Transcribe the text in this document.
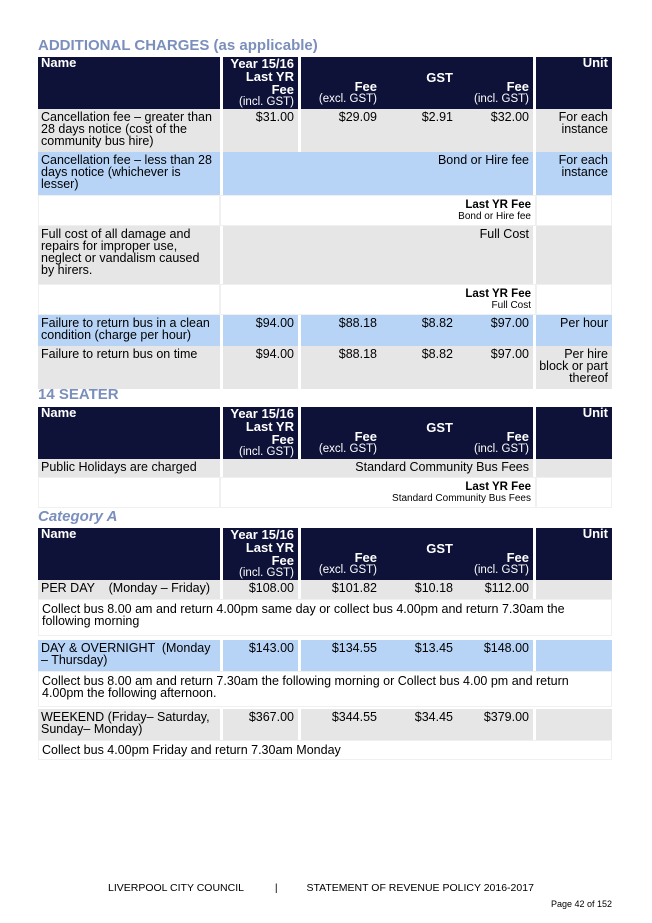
ADDITIONAL CHARGES (as applicable)
Name	Year 15/16
Last YR Fee
(incl. GST)	Fee
(excl. GST)	GST	Fee
(incl. GST)	Unit
Cancellation fee – greater than 28 days notice (cost of the community bus hire)	$31.00	$29.09	$2.91	$32.00	For each instance
Cancellation fee – less than 28 days notice (whichever is lesser)	Bond or Hire fee				For each instance

	Last YR Fee
Bond or Hire fee				

Full cost of all damage and repairs for improper use, neglect or vandalism caused by hirers.	Full Cost				

	Last YR Fee
Full Cost				

Failure to return bus in a clean condition (charge per hour)	$94.00	$88.18	$8.82	$97.00	Per hour
Failure to return bus on time	$94.00	$88.18	$8.82	$97.00	Per hire block or part thereof
14 SEATER
Name	Year 15/16
Last YR Fee
(incl. GST)	Fee
(excl. GST)	GST	Fee
(incl. GST)	Unit
Public Holidays are charged	Standard Community Bus Fees				

	Last YR Fee
Standard Community Bus Fees				

Category A
Name	Year 15/16
Last YR Fee
(incl. GST)	Fee
(excl. GST)	GST	Fee
(incl. GST)	Unit
PER DAY    (Monday – Friday)	$108.00	$101.82	$10.18	$112.00	
Collect bus 8.00 am and return 4.00pm same day or collect bus 4.00pm and return 7.30am the following morning					

DAY & OVERNIGHT  (Monday – Thursday)	$143.00	$134.55	$13.45	$148.00	
Collect bus 8.00 am and return 7.30am the following morning or Collect bus 4.00 pm and return 4.00pm the following afternoon.					

WEEKEND (Friday– Saturday, Sunday– Monday)	$367.00	$344.55	$34.45	$379.00	
Collect bus 4.00pm Friday and return 7.30am Monday					
LIVERPOOL CITY COUNCIL	|	STATEMENT OF REVENUE POLICY 2016-2017
Page 42 of 152
